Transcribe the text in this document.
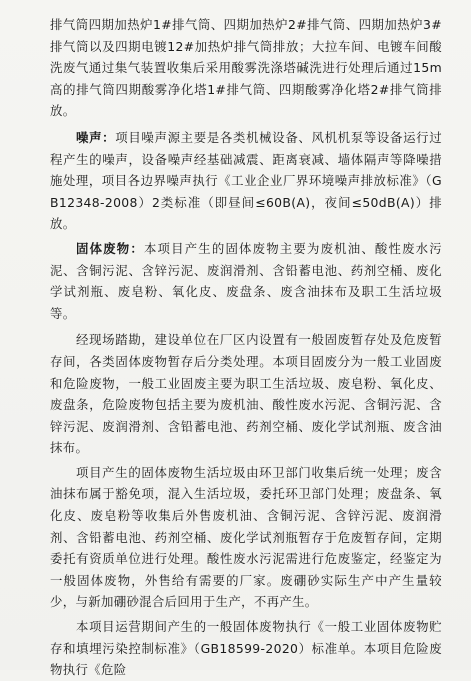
排气筒四期加热炉1#排气筒、四期加热炉2#排气筒、四期加热炉3#排气筒以及四期电镀12#加热炉排气筒排放；大拉车间、电镀车间酸洗废气通过集气装置收集后采用酸雾洗涤塔碱洗进行处理后通过15m高的排气筒四期酸雾净化塔1#排气筒、四期酸雾净化塔2#排气筒排放。

噪声：项目噪声源主要是各类机械设备、风机机泵等设备运行过程产生的噪声，设备噪声经基础减震、距离衰减、墙体隔声等降噪措施处理，项目各边界噪声执行《工业企业厂界环境噪声排放标准》（GB12348-2008）2类标准（即昼间≤60B(A)，夜间≤50dB(A)）排放。

固体废物：本项目产生的固体废物主要为废机油、酸性废水污泥、含铜污泥、含锌污泥、废润滑剂、含铅蓄电池、药剂空桶、废化学试剂瓶、废皂粉、氧化皮、废盘条、废含油抹布及职工生活垃圾等。

经现场踏勘，建设单位在厂区内设置有一般固废暂存处及危废暂存间，各类固体废物暂存后分类处理。本项目固废分为一般工业固废和危险废物，一般工业固废主要为职工生活垃圾、废皂粉、氧化皮、废盘条，危险废物包括主要为废机油、酸性废水污泥、含铜污泥、含锌污泥、废润滑剂、含铅蓄电池、药剂空桶、废化学试剂瓶、废含油抹布。

项目产生的固体废物生活垃圾由环卫部门收集后统一处理；废含油抹布属于豁免项，混入生活垃圾，委托环卫部门处理；废盘条、氧化皮、废皂粉等收集后外售废机油、含铜污泥、含锌污泥、废润滑剂、含铅蓄电池、药剂空桶、废化学试剂瓶暂存于危废暂存间，定期委托有资质单位进行处理。酸性废水污泥需进行危废鉴定，经鉴定为一般固体废物，外售给有需要的厂家。废硼砂实际生产中产生量较少，与新加硼砂混合后回用于生产，不再产生。

本项目运营期间产生的一般固体废物执行《一般工业固体废物贮存和填埋污染控制标准》（GB18599-2020）标准单。本项目危险废物执行《危险
